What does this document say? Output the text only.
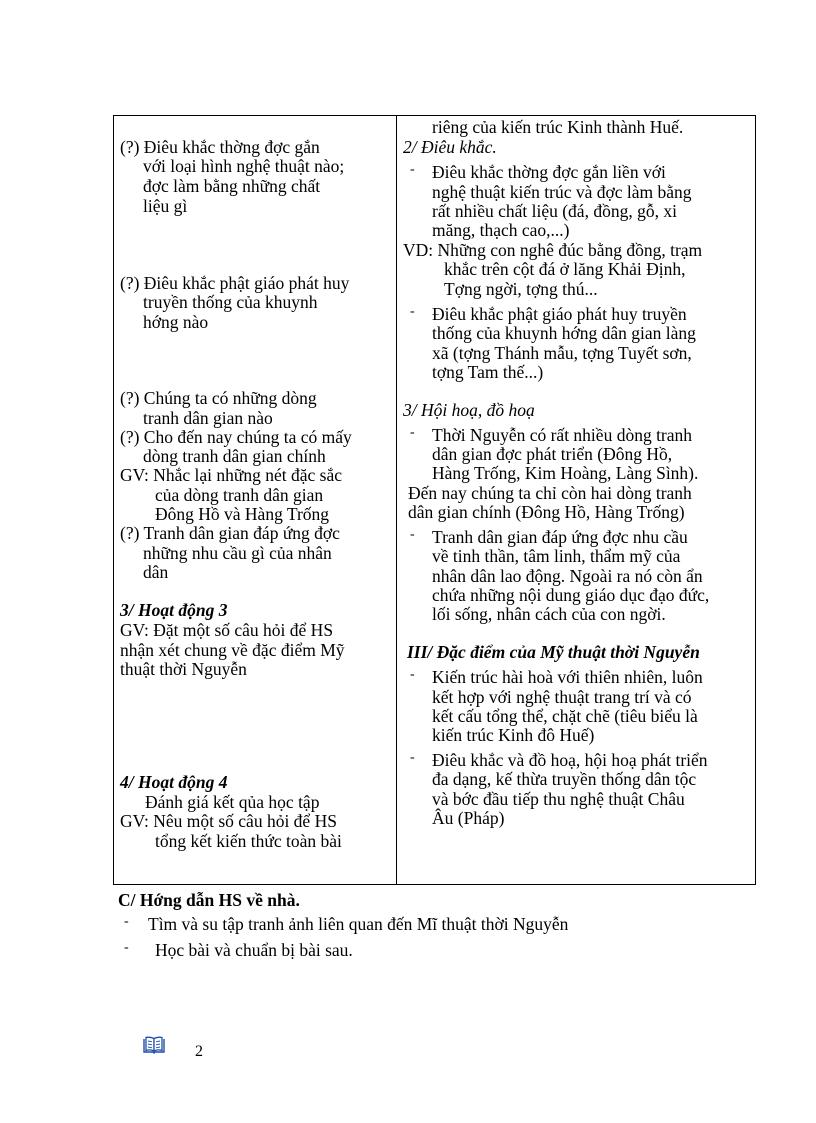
(?) Điêu khắc thờng đợc gắn
với loại hình nghệ thuật nào;
đợc làm bằng những chất
liệu gì
(?) Điêu khắc phật giáo phát huy
truyền thống của khuynh
hớng nào
(?) Chúng ta có những dòng
tranh dân gian nào
(?) Cho đến nay chúng ta có mấy
dòng tranh dân gian chính
GV: Nhắc lại những nét đặc sắc
của dòng tranh dân gian
Đông Hồ và Hàng Trống
(?) Tranh dân gian đáp ứng đợc
những nhu cầu gì của nhân
dân
3/ Hoạt động 3
GV: Đặt một số câu hỏi để HS
nhận xét chung về đặc điểm Mỹ
thuật thời Nguyễn
4/ Hoạt động 4
Đánh giá kết qủa học tập
GV: Nêu một số câu hỏi để HS
tổng kết kiến thức toàn bài
riêng của kiến trúc Kinh thành Huế.
2/ Điêu khắc.
- Điêu khắc thờng đợc gắn liền với
nghệ thuật kiến trúc và đợc làm bằng
rất nhiều chất liệu (đá, đồng, gỗ, xi
măng, thạch cao,...)
VD: Những con nghê đúc bằng đồng, trạm
khắc trên cột đá ở lăng Khải Định,
Tợng ngời, tợng thú...
- Điêu khắc phật giáo phát huy truyền
thống của khuynh hớng dân gian làng
xã (tợng Thánh mẫu, tợng Tuyết sơn,
tợng Tam thế...)
3/ Hội hoạ, đồ hoạ
- Thời Nguyễn có rất nhiều dòng tranh
dân gian đợc phát triển (Đông Hồ,
Hàng Trống, Kim Hoàng, Làng Sình).
Đến nay chúng ta chỉ còn hai dòng tranh
dân gian chính (Đông Hồ, Hàng Trống)
- Tranh dân gian đáp ứng đợc nhu cầu
về tinh thần, tâm linh, thẩm mỹ của
nhân dân lao động. Ngoài ra nó còn ẩn
chứa những nội dung giáo dục đạo đức,
lối sống, nhân cách của con ngời.
III/ Đặc điểm của Mỹ thuật thời Nguyễn
- Kiến trúc hài hoà với thiên nhiên, luôn
kết hợp với nghệ thuật trang trí và có
kết cấu tổng thể, chặt chẽ (tiêu biểu là
kiến trúc Kinh đô Huế)
- Điêu khắc và đồ hoạ, hội hoạ phát triển
đa dạng, kế thừa truyền thống dân tộc
và bớc đầu tiếp thu nghệ thuật Châu
Âu (Pháp)
C/ Hớng dẫn HS về nhà.
- Tìm và su tập tranh ảnh liên quan đến Mĩ thuật thời Nguyễn
- Học bài và chuẩn bị bài sau.
2
